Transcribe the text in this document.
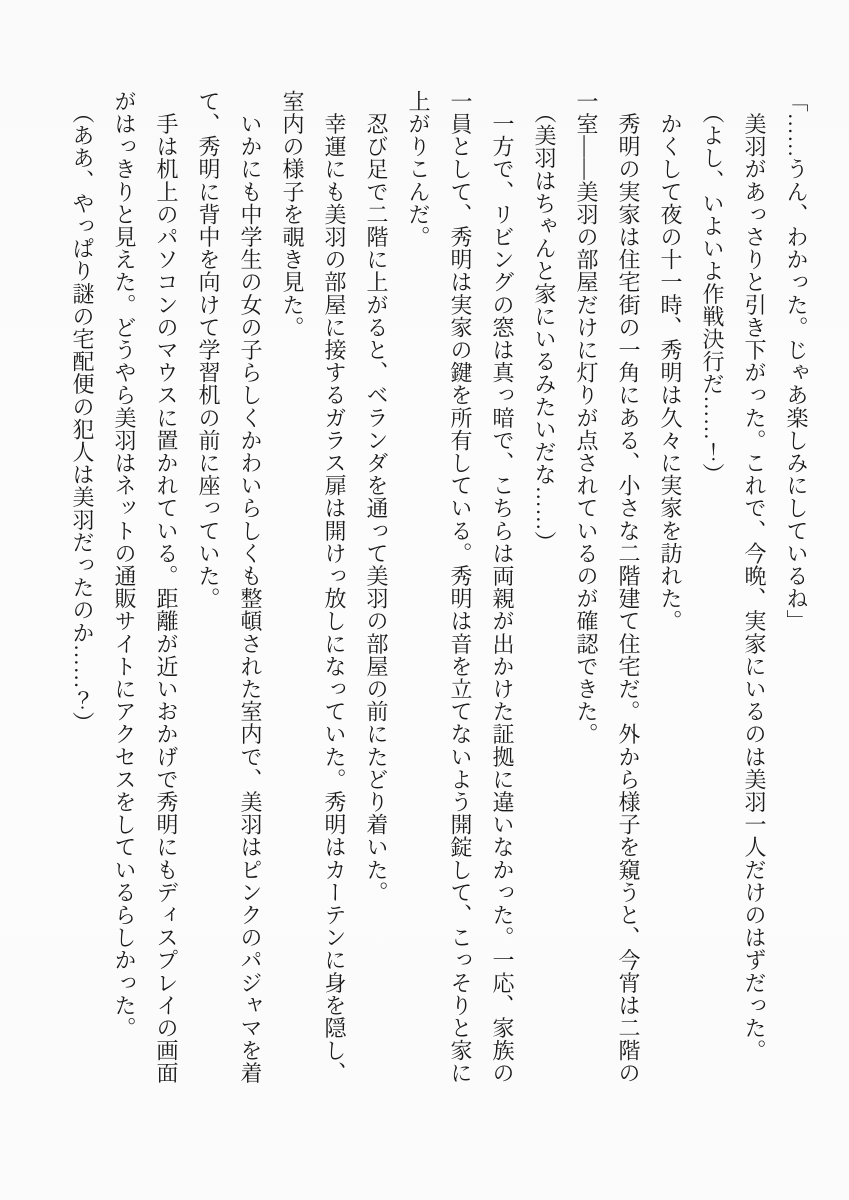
「……うん、わかった。じゃあ楽しみにしているね」

　美羽があっさりと引き下がった。これで、今晩、実家にいるのは美羽一人だけのはずだった。

　（よし、いよいよ作戦決行だ……！）

　かくして夜の十一時、秀明は久々に実家を訪れた。

　秀明の実家は住宅街の一角にある、小さな二階建て住宅だ。外から様子を窺うと、今宵は二階の

一室――美羽の部屋だけに灯りが点されているのが確認できた。

　（美羽はちゃんと家にいるみたいだな……）

　一方で、リビングの窓は真っ暗で、こちらは両親が出かけた証拠に違いなかった。一応、家族の

一員として、秀明は実家の鍵を所有している。秀明は音を立てないよう開錠して、こっそりと家に

上がりこんだ。

　忍び足で二階に上がると、ベランダを通って美羽の部屋の前にたどり着いた。

　幸運にも美羽の部屋に接するガラス扉は開けっ放しになっていた。秀明はカーテンに身を隠し、

室内の様子を覗き見た。

　いかにも中学生の女の子らしくかわいらしくも整頓された室内で、美羽はピンクのパジャマを着

て、秀明に背中を向けて学習机の前に座っていた。

　手は机上のパソコンのマウスに置かれている。距離が近いおかげで秀明にもディスプレイの画面

がはっきりと見えた。どうやら美羽はネットの通販サイトにアクセスをしているらしかった。

　（ああ、やっぱり謎の宅配便の犯人は美羽だったのか……？）
